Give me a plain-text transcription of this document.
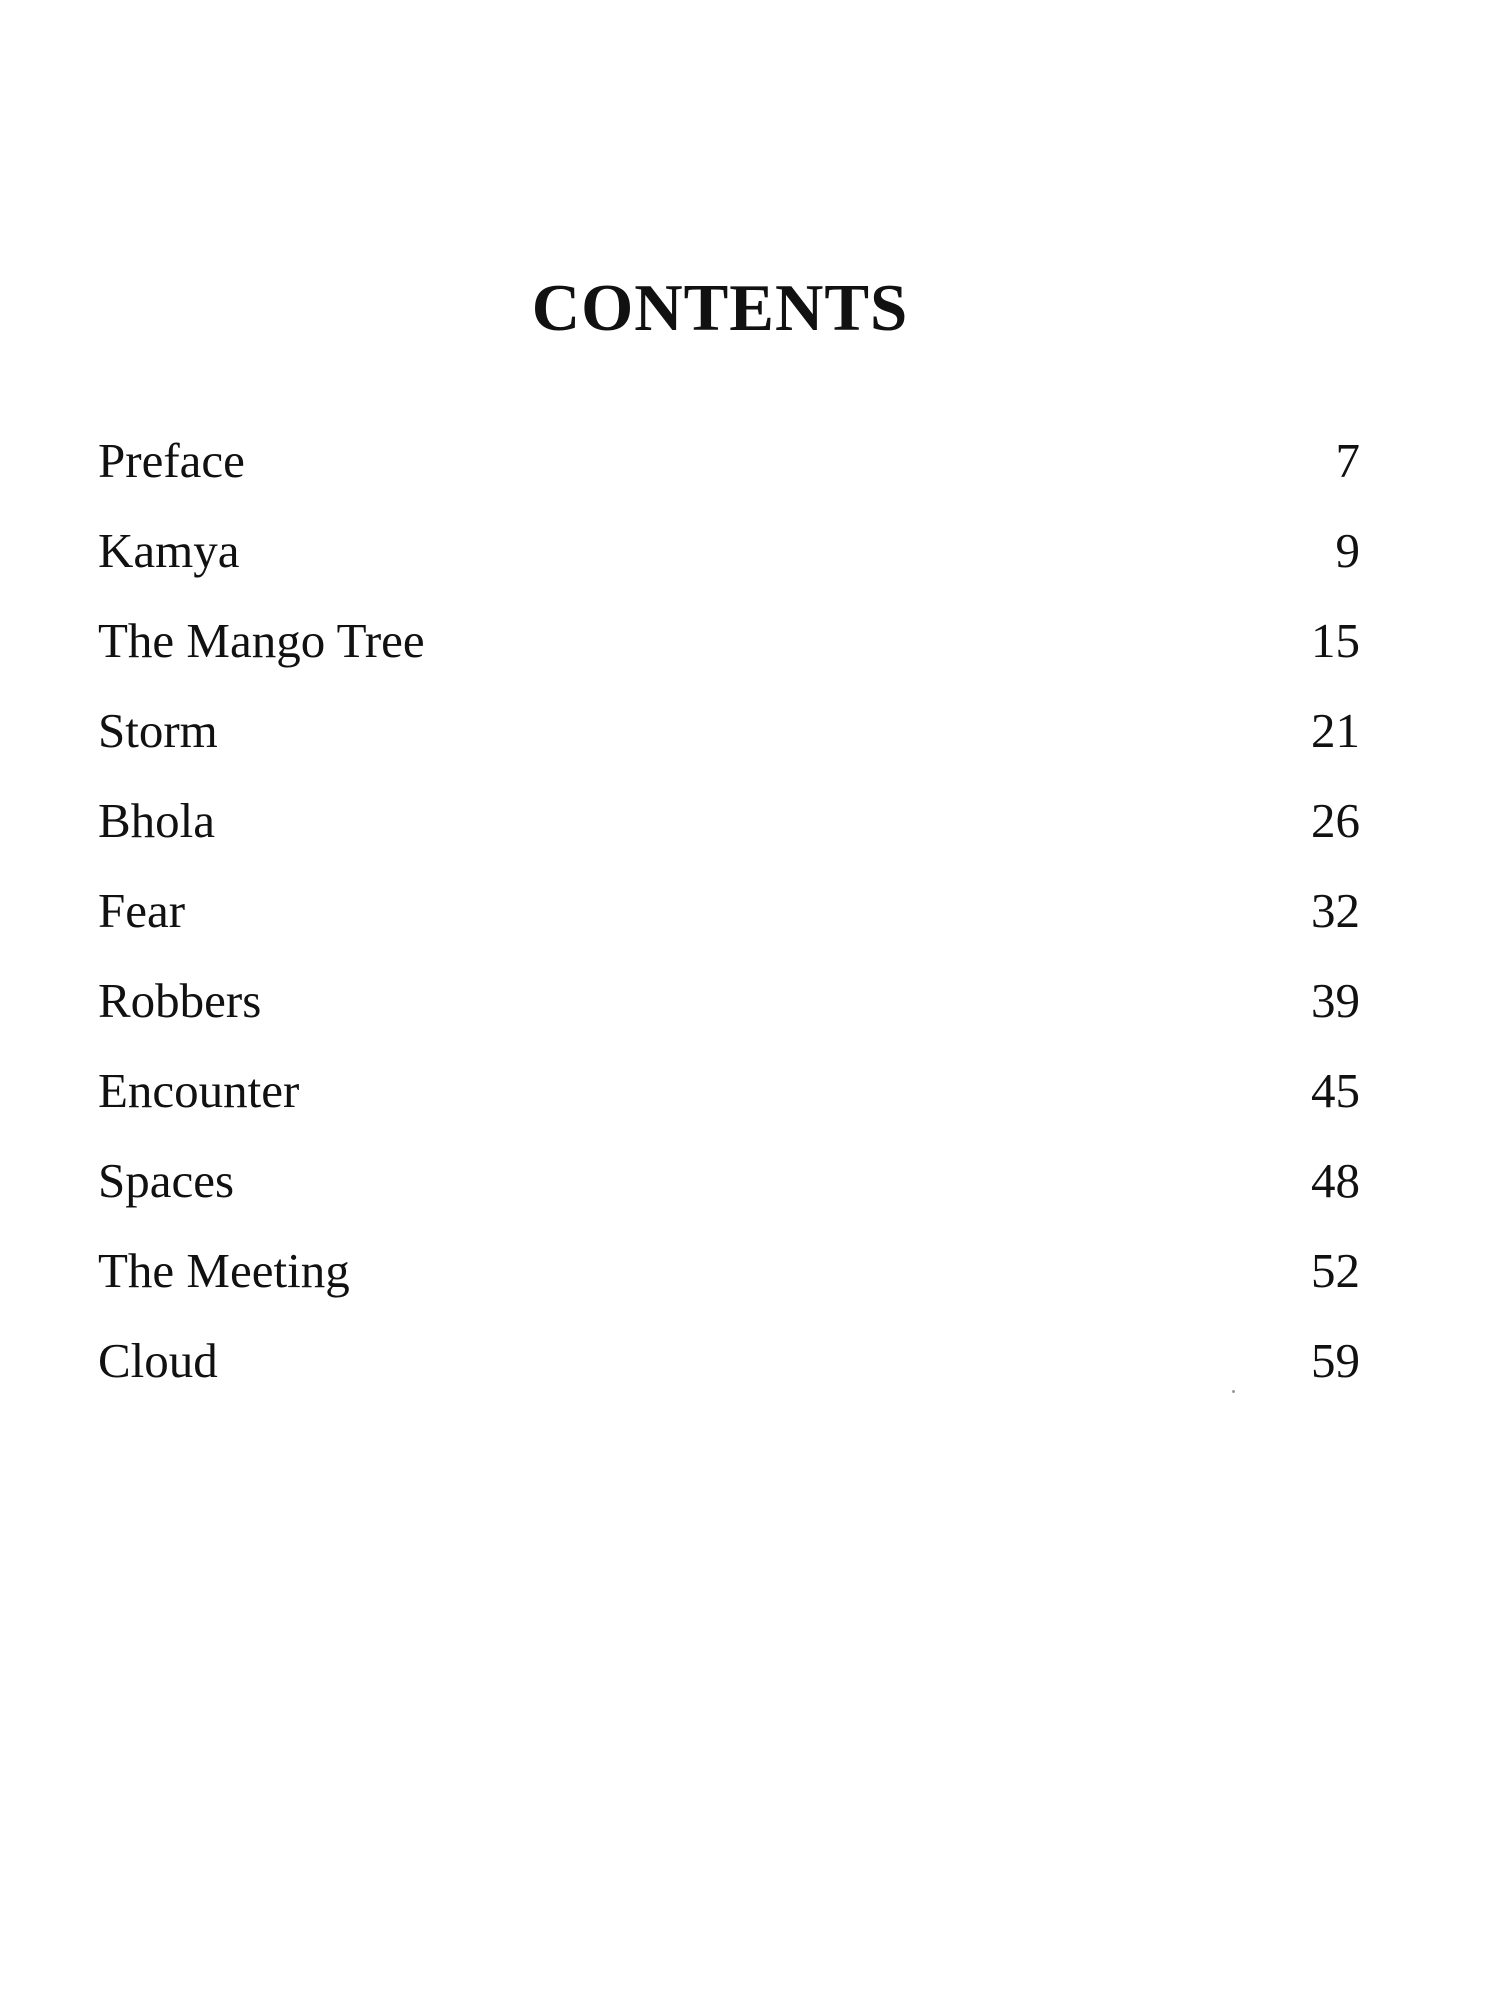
CONTENTS
Preface	7
Kamya	9
The Mango Tree	15
Storm	21
Bhola	26
Fear	32
Robbers	39
Encounter	45
Spaces	48
The Meeting	52
Cloud	59
